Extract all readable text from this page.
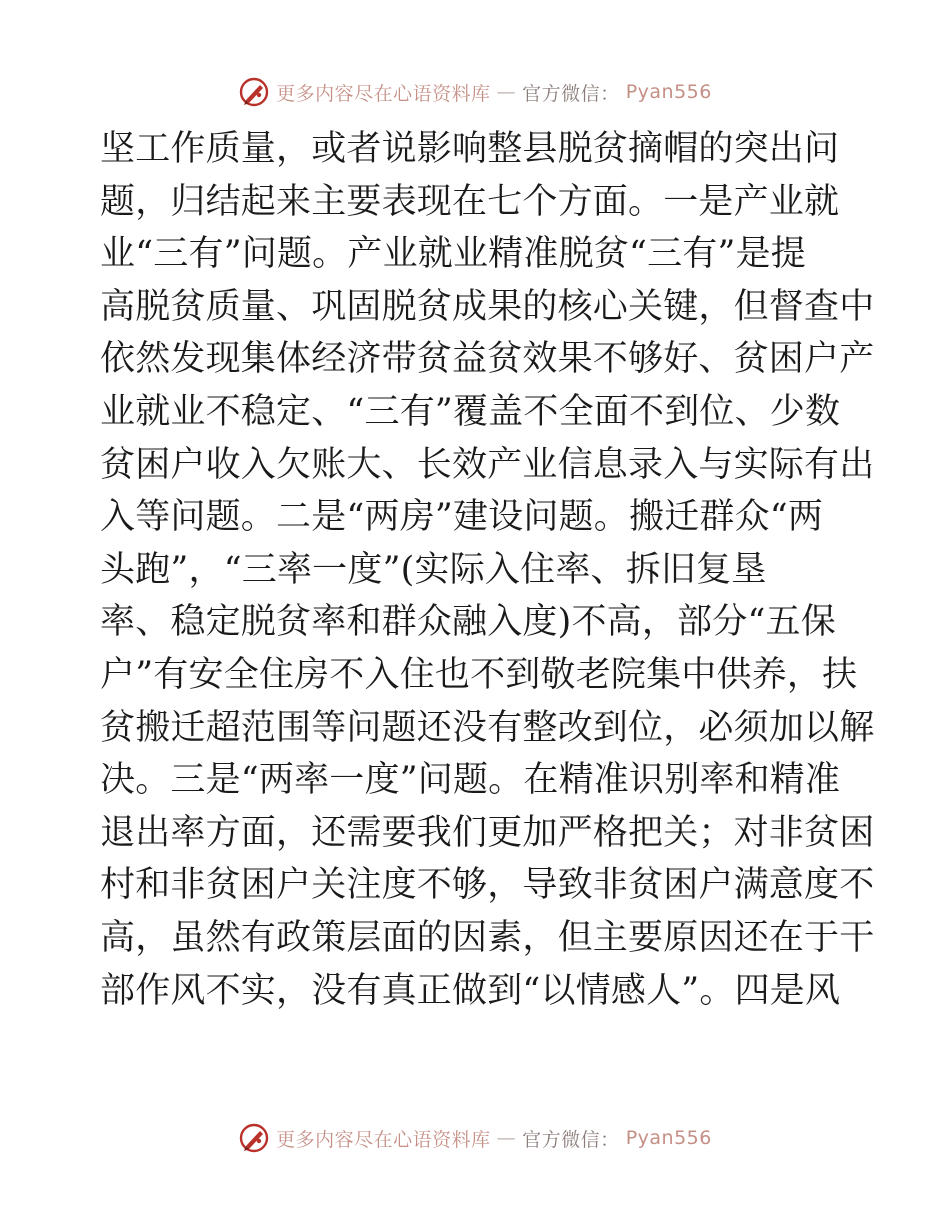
更多内容尽在心语资料库 — 官方微信： Pyan556
坚工作质量，或者说影响整县脱贫摘帽的突出问
题，归结起来主要表现在七个方面。一是产业就
业“三有”问题。产业就业精准脱贫“三有”是提
高脱贫质量、巩固脱贫成果的核心关键，但督查中
依然发现集体经济带贫益贫效果不够好、贫困户产
业就业不稳定、“三有”覆盖不全面不到位、少数
贫困户收入欠账大、长效产业信息录入与实际有出
入等问题。二是“两房”建设问题。搬迁群众“两
头跑”，“三率一度”(实际入住率、拆旧复垦
率、稳定脱贫率和群众融入度)不高，部分“五保
户”有安全住房不入住也不到敬老院集中供养，扶
贫搬迁超范围等问题还没有整改到位，必须加以解
决。三是“两率一度”问题。在精准识别率和精准
退出率方面，还需要我们更加严格把关；对非贫困
村和非贫困户关注度不够，导致非贫困户满意度不
高，虽然有政策层面的因素，但主要原因还在于干
部作风不实，没有真正做到“以情感人”。四是风
更多内容尽在心语资料库 — 官方微信： Pyan556
